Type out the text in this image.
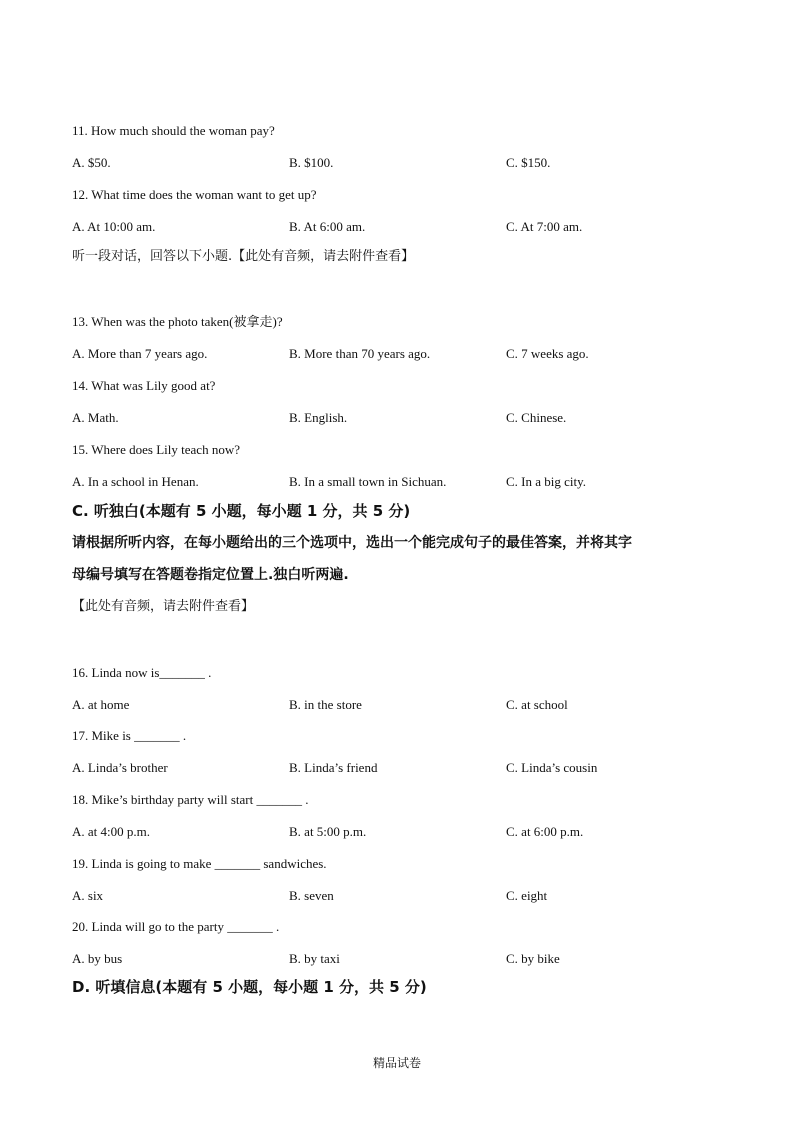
11. How much should the woman pay?
A. $50.	B. $100.	C. $150.
12. What time does the woman want to get up?
A. At 10:00 am.	B. At 6:00 am.	C. At 7:00 am.
听一段对话，回答以下小题.【此处有音频，请去附件查看】
13. When was the photo taken(被拿走)?
A. More than 7 years ago.	B. More than 70 years ago.	C. 7 weeks ago.
14. What was Lily good at?
A. Math.	B. English.	C. Chinese.
15. Where does Lily teach now?
A. In a school in Henan.	B. In a small town in Sichuan.	C. In a big city.
C. 听独白(本题有 5 小题，每小题 1 分，共 5 分)
请根据所听内容，在每小题给出的三个选项中，选出一个能完成句子的最佳答案，并将其字
母编号填写在答题卷指定位置上.独白听两遍.
【此处有音频，请去附件查看】
16. Linda now is_______ .
A. at home	B. in the store	C. at school
17. Mike is _______ .
A. Linda’s brother	B. Linda’s friend	C. Linda’s cousin
18. Mike’s birthday party will start _______ .
A. at 4:00 p.m.	B. at 5:00 p.m.	C. at 6:00 p.m.
19. Linda is going to make _______ sandwiches.
A. six	B. seven	C. eight
20. Linda will go to the party _______ .
A. by bus	B. by taxi	C. by bike
D. 听填信息(本题有 5 小题，每小题 1 分，共 5 分)
精品试卷
